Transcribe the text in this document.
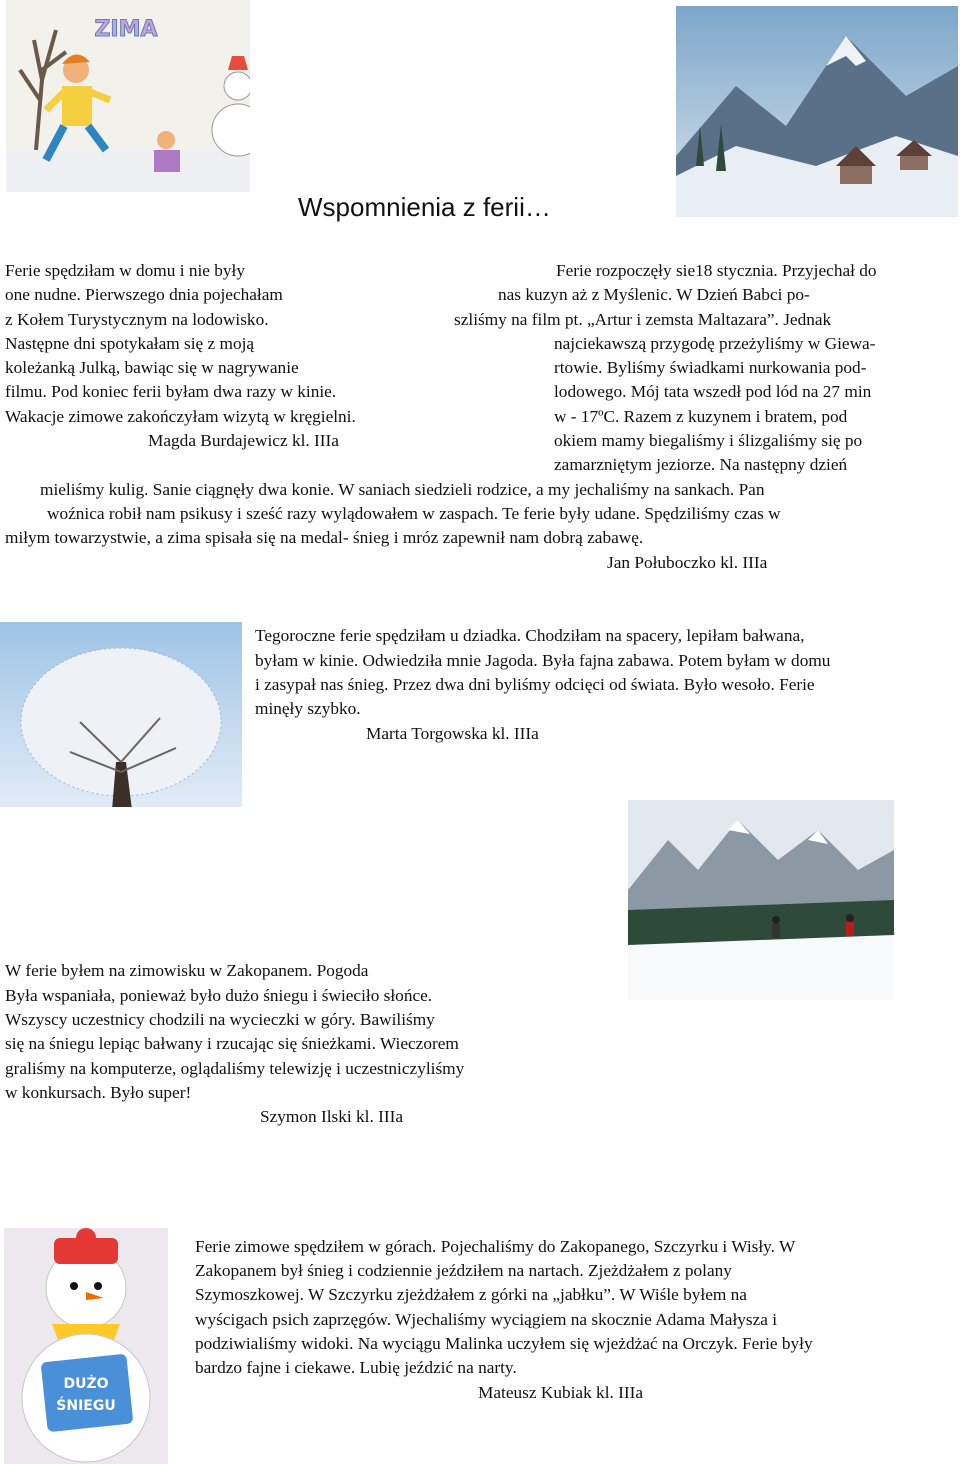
ZIMA
DUŻO
ŚNIEGU
Wspomnienia z ferii…
Ferie spędziłam w domu i nie były
one nudne. Pierwszego dnia pojechałam
z Kołem Turystycznym na lodowisko.
Następne dni spotykałam się z moją
koleżanką Julką, bawiąc się w nagrywanie
filmu. Pod koniec ferii byłam dwa razy w kinie.
Wakacje zimowe zakończyłam wizytą w kręgielni.
Magda Burdajewicz kl. IIIa
Ferie rozpoczęły sie18 stycznia. Przyjechał do
nas kuzyn aż z Myślenic. W Dzień Babci po-
szliśmy na film pt. „Artur i zemsta Maltazara”. Jednak
najciekawszą przygodę przeżyliśmy w Giewa-
rtowie. Byliśmy świadkami nurkowania pod-
lodowego. Mój tata wszedł pod lód na 27 min
w - 17ºC. Razem z kuzynem i bratem, pod
okiem mamy biegaliśmy i ślizgaliśmy się po
zamarzniętym jeziorze. Na następny dzień
mieliśmy kulig. Sanie ciągnęły dwa konie. W saniach siedzieli rodzice, a my jechaliśmy na sankach. Pan
woźnica robił nam psikusy i sześć razy wylądowałem w zaspach. Te ferie były udane. Spędziliśmy czas w
miłym towarzystwie, a zima spisała się na medal- śnieg i mróz zapewnił nam dobrą zabawę.
Jan Połuboczko kl. IIIa
Tegoroczne ferie spędziłam u dziadka. Chodziłam na spacery, lepiłam bałwana,
byłam w kinie. Odwiedziła mnie Jagoda. Była fajna zabawa. Potem byłam w domu
i zasypał nas śnieg. Przez dwa dni byliśmy odcięci od świata. Było wesoło. Ferie
minęły szybko.
Marta Torgowska kl. IIIa
W ferie byłem na zimowisku w Zakopanem. Pogoda
Była wspaniała, ponieważ było dużo śniegu i świeciło słońce.
Wszyscy uczestnicy chodzili na wycieczki w góry. Bawiliśmy
się na śniegu lepiąc bałwany i rzucając się śnieżkami. Wieczorem
graliśmy na komputerze, oglądaliśmy telewizję i uczestniczyliśmy
w konkursach. Było super!
Szymon Ilski kl. IIIa
Ferie zimowe spędziłem w górach. Pojechaliśmy do Zakopanego, Szczyrku i Wisły. W
Zakopanem był śnieg i codziennie jeździłem na nartach. Zjeżdżałem z polany
Szymoszkowej. W Szczyrku zjeżdżałem z górki na „jabłku”. W Wiśle byłem na
wyścigach psich zaprzęgów. Wjechaliśmy wyciągiem na skocznie Adama Małysza i
podziwialiśmy widoki. Na wyciągu Malinka uczyłem się wjeżdżać na Orczyk. Ferie były
bardzo fajne i ciekawe. Lubię jeździć na narty.
Mateusz Kubiak kl. IIIa
